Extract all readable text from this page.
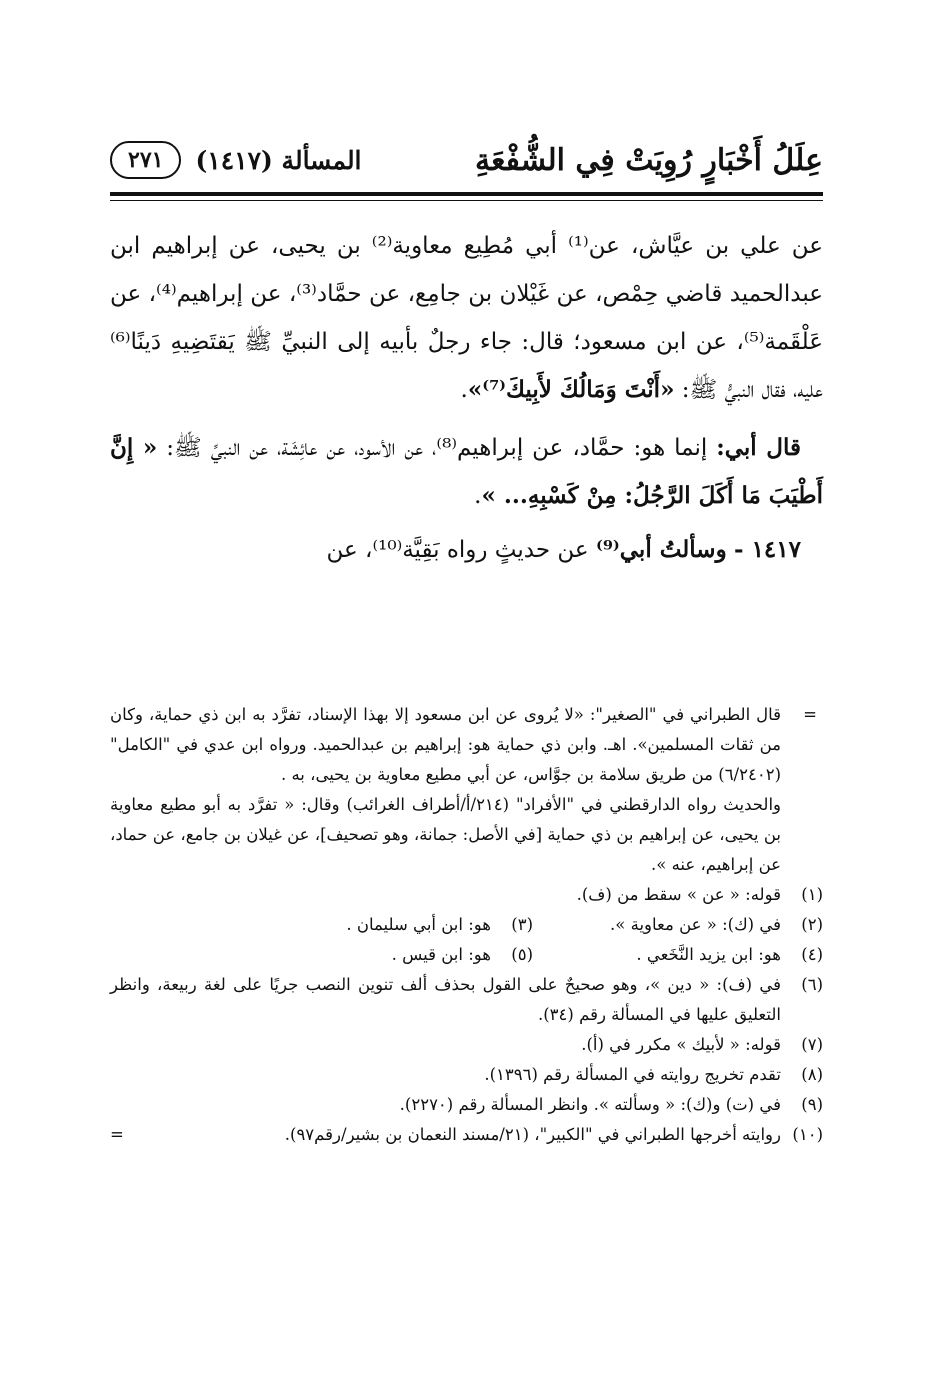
عِلَلُ أَخْبَارٍ رُوِيَتْ فِي الشُّفْعَةِ
المسألة (١٤١٧)
٢٧١

عن علي بن عيَّاش، عن⁽¹⁾ أبي مُطِيع معاوية⁽²⁾ بن يحيى، عن إبراهيم ابن عبدالحميد قاضي حِمْص، عن غَيْلان بن جامِع، عن حمَّاد⁽³⁾، عن إبراهيم⁽⁴⁾، عن عَلْقَمة⁽⁵⁾، عن ابن مسعود؛ قال: جاء رجلٌ بأبيه إلى النبيِّ ﷺ يَقتَضِيهِ دَينًا⁽⁶⁾ عليه، فقال النبيُّ ﷺ: «أَنْتَ وَمَالُكَ لأَبِيكَ⁽⁷⁾».

قال أبي: إنما هو: حمَّاد، عن إبراهيم⁽⁸⁾، عن الأسود، عن عائِشَة، عن النبيِّ ﷺ: « إِنَّ أَطْيَبَ مَا أَكَلَ الرَّجُلُ: مِنْ كَسْبِهِ... ».

١٤١٧ - وسألتُ أبي⁽⁹⁾ عن حديثٍ رواه بَقِيَّة⁽¹⁰⁾، عن

=

قال الطبراني في "الصغير": «لا يُروى عن ابن مسعود إلا بهذا الإسناد، تفرَّد به ابن ذي حماية، وكان من ثقات المسلمين». اهـ. وابن ذي حماية هو: إبراهيم بن عبدالحميد. ورواه ابن عدي في "الكامل" (٦/٢٤٠٢) من طريق سلامة بن جوَّاس، عن أبي مطيع معاوية بن يحيى، به .

والحديث رواه الدارقطني في "الأفراد" (٢١٤/أ/أطراف الغرائب) وقال: « تفرَّد به أبو مطيع معاوية بن يحيى، عن إبراهيم بن ذي حماية [في الأصل: جمانة، وهو تصحيف]، عن غيلان بن جامع، عن حماد، عن إبراهيم، عنه ».

(١)
قوله: « عن » سقط من (ف).
(٢)
في (ك): « عن معاوية ».
(٣)
هو: ابن أبي سليمان .
(٤)
هو: ابن يزيد النَّخَعي .
(٥)
هو: ابن قيس .
(٦)
في (ف): « دين »، وهو صحيحٌ على القول بحذف ألف تنوين النصب جريًا على لغة ربيعة، وانظر التعليق عليها في المسألة رقم (٣٤).
(٧)
قوله: « لأبيك » مكرر في (أ).
(٨)
تقدم تخريج روايته في المسألة رقم (١٣٩٦).
(٩)
في (ت) و(ك): « وسألته ». وانظر المسألة رقم (٢٢٧٠).
(١٠)
روايته أخرجها الطبراني في "الكبير"، (٢١/مسند النعمان بن بشير/رقم٩٧).
=
